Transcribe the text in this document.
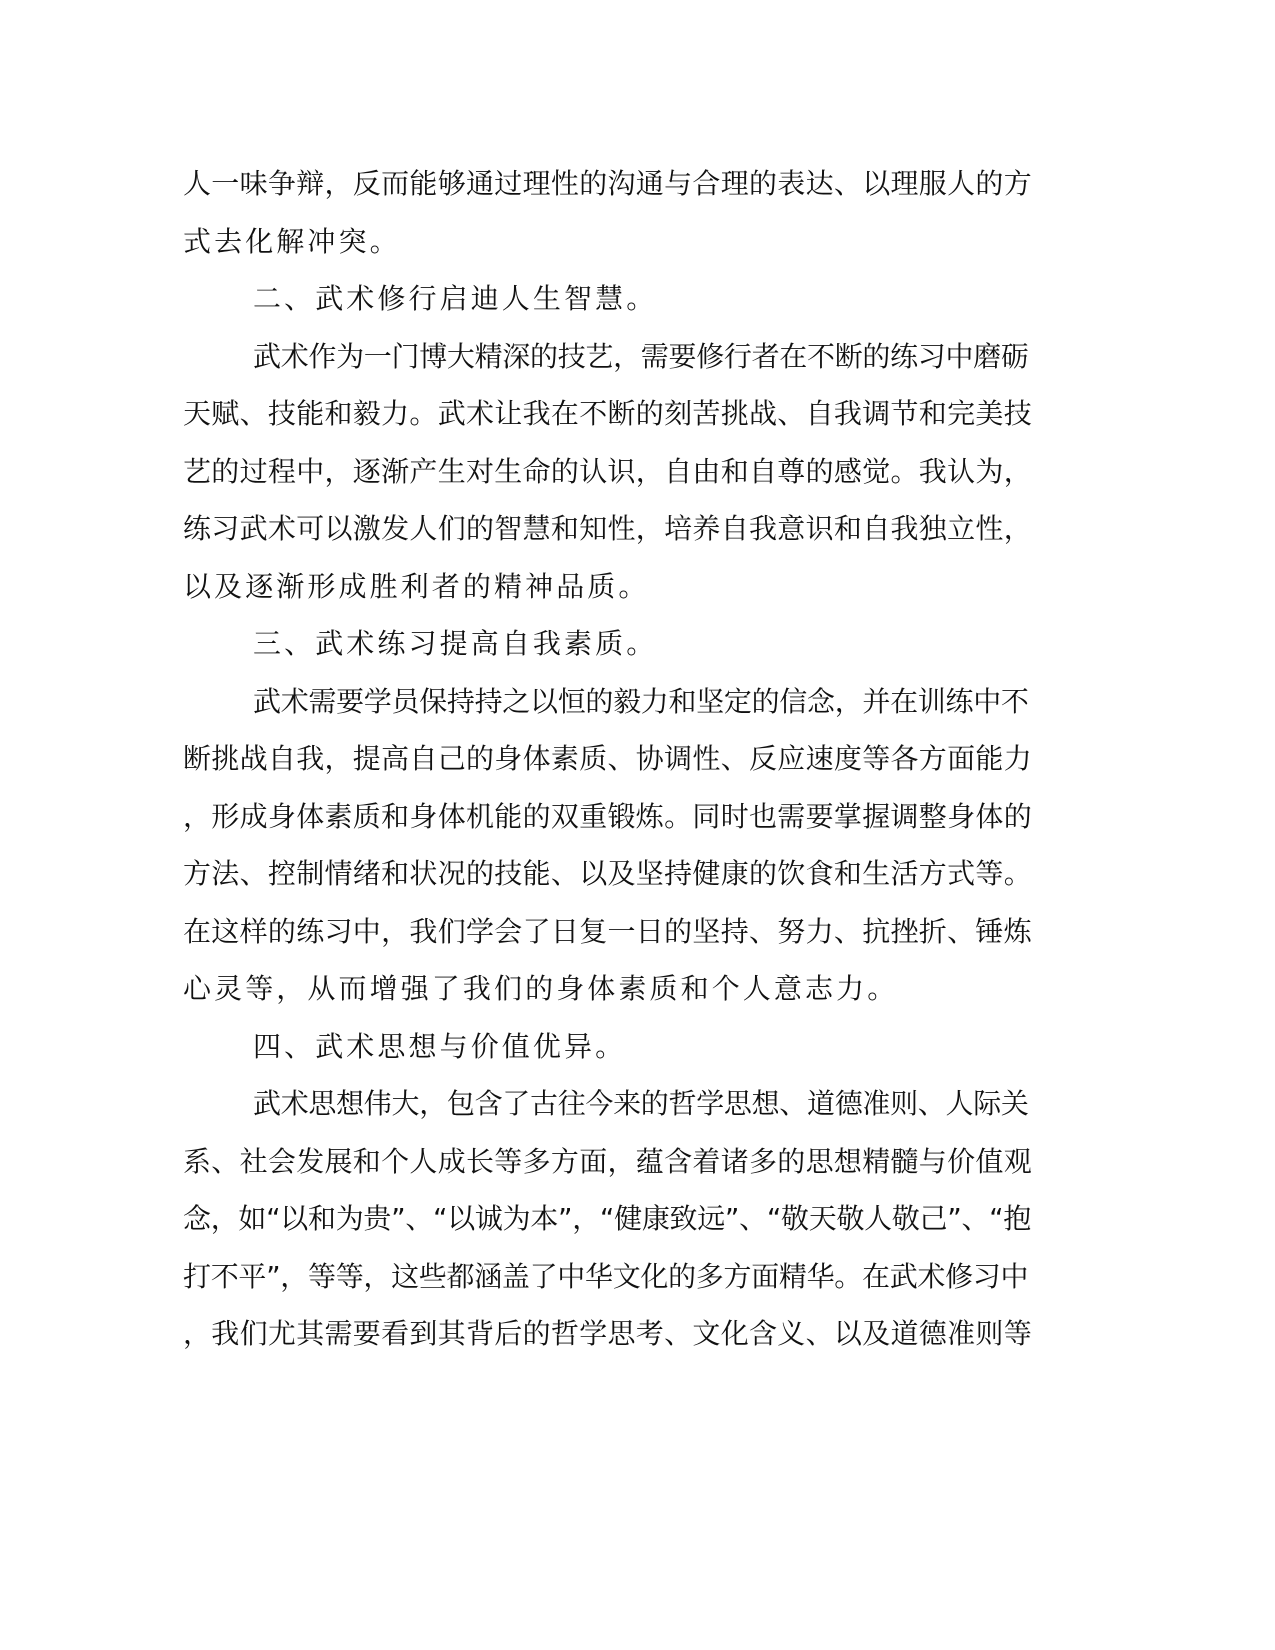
人一味争辩，反而能够通过理性的沟通与合理的表达、以理服人的方
式去化解冲突。
二、武术修行启迪人生智慧。
武术作为一门博大精深的技艺，需要修行者在不断的练习中磨砺
天赋、技能和毅力。武术让我在不断的刻苦挑战、自我调节和完美技
艺的过程中，逐渐产生对生命的认识，自由和自尊的感觉。我认为，
练习武术可以激发人们的智慧和知性，培养自我意识和自我独立性，
以及逐渐形成胜利者的精神品质。
三、武术练习提高自我素质。
武术需要学员保持持之以恒的毅力和坚定的信念，并在训练中不
断挑战自我，提高自己的身体素质、协调性、反应速度等各方面能力
，形成身体素质和身体机能的双重锻炼。同时也需要掌握调整身体的
方法、控制情绪和状况的技能、以及坚持健康的饮食和生活方式等。
在这样的练习中，我们学会了日复一日的坚持、努力、抗挫折、锤炼
心灵等，从而增强了我们的身体素质和个人意志力。
四、武术思想与价值优异。
武术思想伟大，包含了古往今来的哲学思想、道德准则、人际关
系、社会发展和个人成长等多方面，蕴含着诸多的思想精髓与价值观
念，如“以和为贵”、“以诚为本”，“健康致远”、“敬天敬人敬己”、“抱
打不平”，等等，这些都涵盖了中华文化的多方面精华。在武术修习中
，我们尤其需要看到其背后的哲学思考、文化含义、以及道德准则等
